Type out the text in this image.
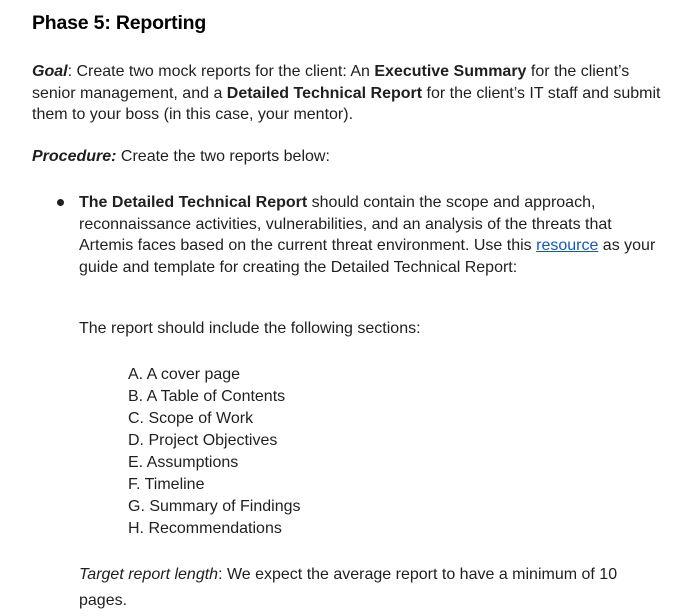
Phase 5: Reporting
Goal: Create two mock reports for the client: An Executive Summary for the client’s senior management, and a Detailed Technical Report for the client’s IT staff and submit them to your boss (in this case, your mentor).
Procedure: Create the two reports below:
The Detailed Technical Report should contain the scope and approach, reconnaissance activities, vulnerabilities, and an analysis of the threats that Artemis faces based on the current threat environment. Use this resource as your guide and template for creating the Detailed Technical Report:
The report should include the following sections:
A. A cover page
B. A Table of Contents
C. Scope of Work
D. Project Objectives
E. Assumptions
F. Timeline
G. Summary of Findings
H. Recommendations
Target report length: We expect the average report to have a minimum of 10 pages.
